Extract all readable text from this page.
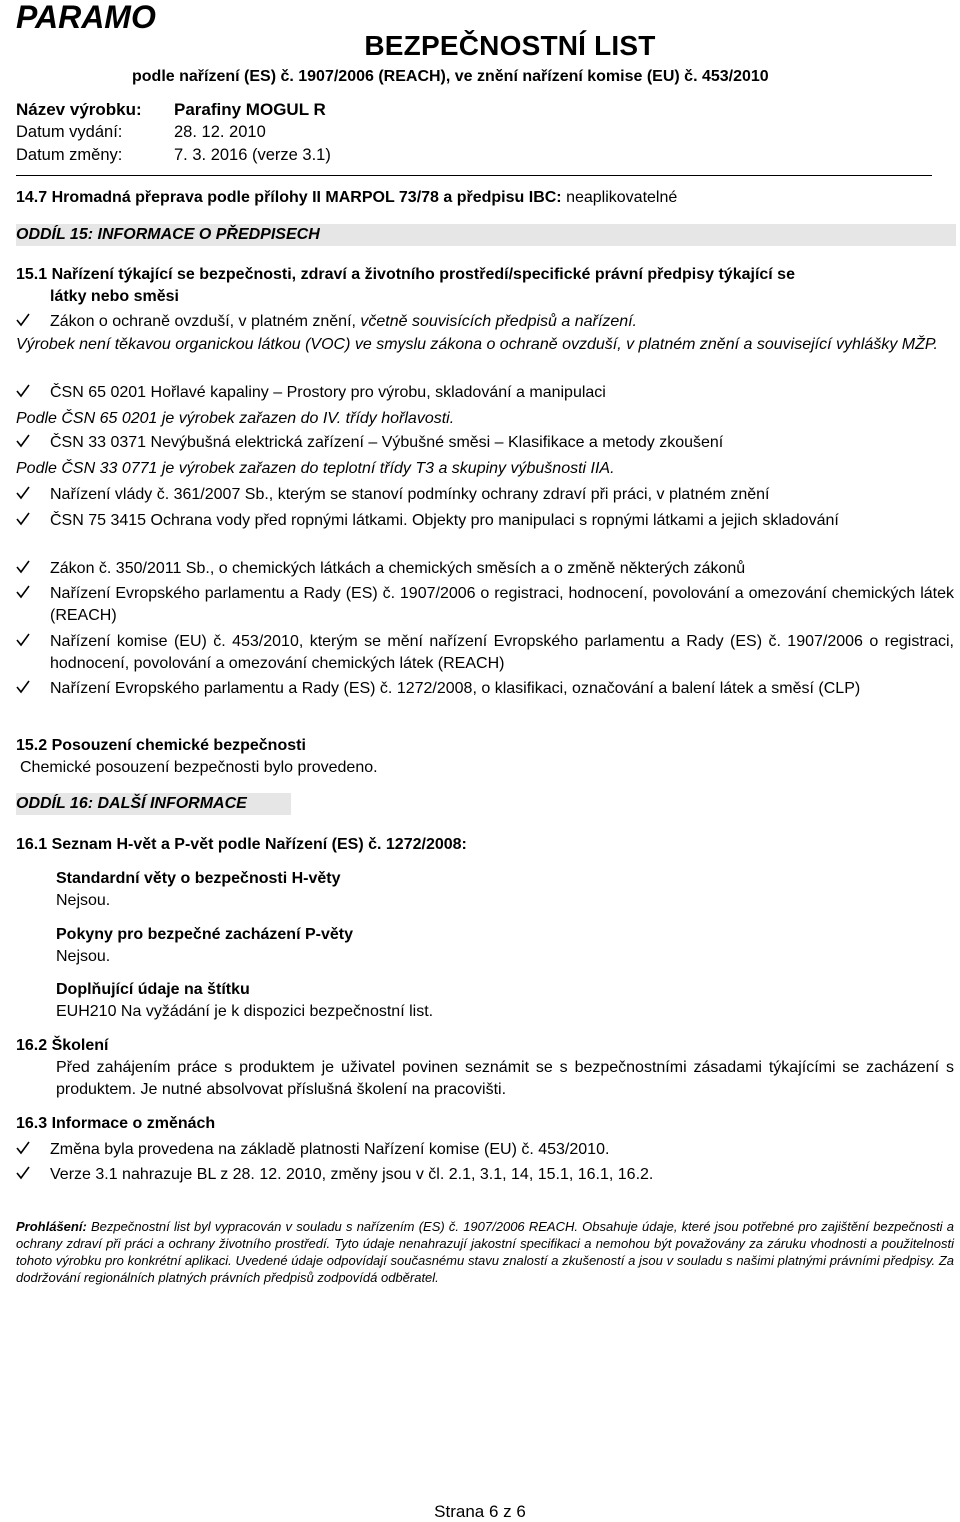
PARAMO
BEZPEČNOSTNÍ LIST
podle nařízení (ES) č. 1907/2006 (REACH), ve znění nařízení komise (EU) č. 453/2010
Název výrobku: Parafiny MOGUL R
Datum vydání:	28. 12. 2010
Datum změny:	7. 3. 2016 (verze 3.1)
14.7 Hromadná přeprava podle přílohy II MARPOL 73/78 a předpisu IBC: neaplikovatelné
ODDÍL 15: INFORMACE O PŘEDPISECH
15.1 Nařízení týkající se bezpečnosti, zdraví a životního prostředí/specifické právní předpisy týkající se
látky nebo směsi
Zákon o ochraně ovzduší, v platném znění, včetně souvisících předpisů a nařízení.
Výrobek není těkavou organickou látkou (VOC) ve smyslu zákona o ochraně ovzduší, v platném znění a související vyhlášky MŽP.
ČSN 65 0201 Hořlavé kapaliny – Prostory pro výrobu, skladování a manipulaci
Podle ČSN 65 0201 je výrobek zařazen do IV. třídy hořlavosti.
ČSN 33 0371 Nevýbušná elektrická zařízení – Výbušné směsi – Klasifikace a metody zkoušení
Podle ČSN 33 0771 je výrobek zařazen do teplotní třídy T3 a skupiny výbušnosti IIA.
Nařízení vlády č. 361/2007 Sb., kterým se stanoví podmínky ochrany zdraví při práci, v platném znění
ČSN 75 3415 Ochrana vody před ropnými látkami. Objekty pro manipulaci s ropnými látkami a jejich skladování
Zákon č. 350/2011 Sb., o chemických látkách a chemických směsích a o změně některých zákonů
Nařízení Evropského parlamentu a Rady (ES) č. 1907/2006 o registraci, hodnocení, povolování a omezování chemických látek (REACH)
Nařízení komise (EU) č. 453/2010, kterým se mění nařízení Evropského parlamentu a Rady (ES) č. 1907/2006 o registraci, hodnocení, povolování a omezování chemických látek (REACH)
Nařízení Evropského parlamentu a Rady (ES) č. 1272/2008, o klasifikaci, označování a balení látek a směsí (CLP)
15.2 Posouzení chemické bezpečnosti
Chemické posouzení bezpečnosti bylo provedeno.
ODDÍL 16: DALŠÍ INFORMACE
16.1 Seznam H-vět a P-vět podle Nařízení (ES) č. 1272/2008:
Standardní věty o bezpečnosti H-věty
Nejsou.
Pokyny pro bezpečné zacházení P-věty
Nejsou.
Doplňující údaje na štítku
EUH210 Na vyžádání je k dispozici bezpečnostní list.
16.2 Školení
Před zahájením práce s produktem je uživatel povinen seznámit se s bezpečnostními zásadami týkajícími se zacházení s produktem. Je nutné absolvovat příslušná školení na pracovišti.
16.3 Informace o změnách
Změna byla provedena na základě platnosti Nařízení komise (EU) č. 453/2010.
Verze 3.1 nahrazuje BL z 28. 12. 2010, změny jsou v čl. 2.1, 3.1, 14, 15.1, 16.1, 16.2.
Prohlášení: Bezpečnostní list byl vypracován v souladu s nařízením (ES) č. 1907/2006 REACH. Obsahuje údaje, které jsou potřebné pro zajištění bezpečnosti a ochrany zdraví při práci a ochrany životního prostředí. Tyto údaje nenahrazují jakostní specifikaci a nemohou být považovány za záruku vhodnosti a použitelnosti tohoto výrobku pro konkrétní aplikaci. Uvedené údaje odpovídají současnému stavu znalostí a zkušeností a jsou v souladu s našimi platnými právními předpisy. Za dodržování regionálních platných právních předpisů zodpovídá odběratel.
Strana 6 z 6
